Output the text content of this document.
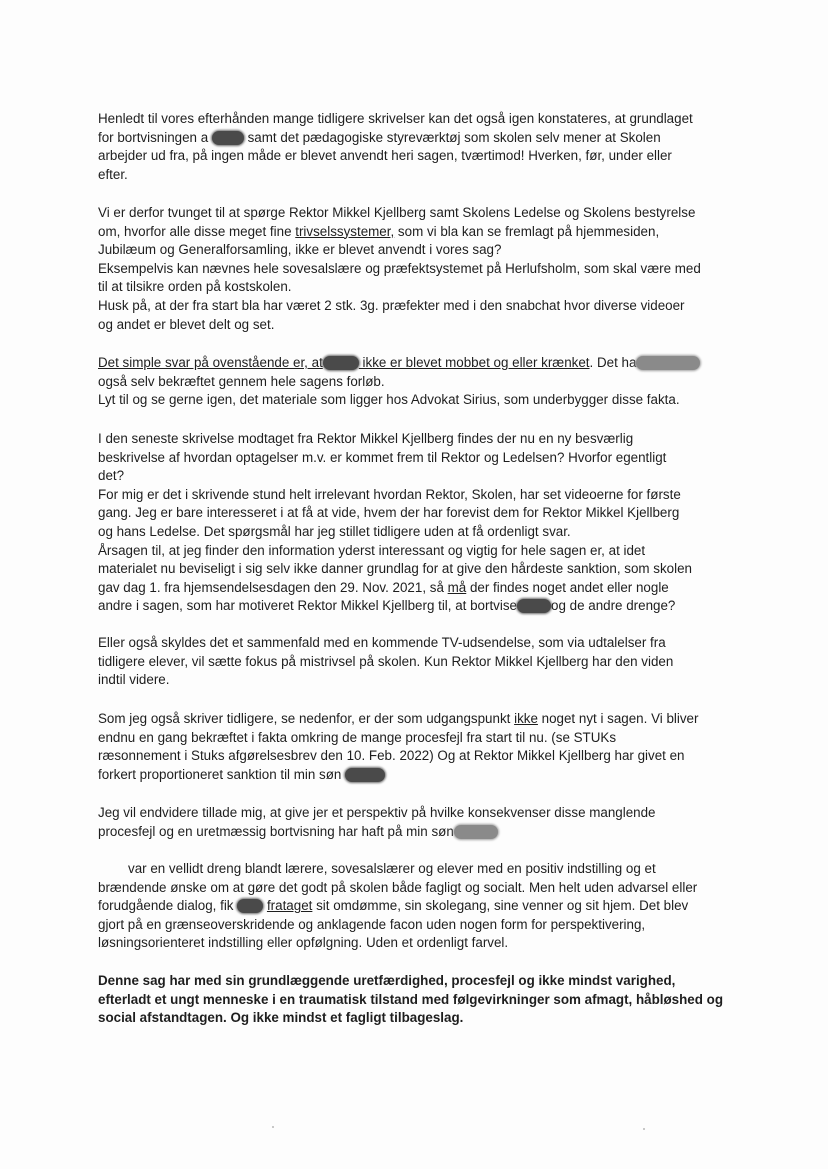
Henledt til vores efterhånden mange tidligere skrivelser kan det også igen konstateres, at grundlaget
for bortvisningen a  samt det pædagogiske styreværktøj som skolen selv mener at Skolen
arbejder ud fra, på ingen måde er blevet anvendt heri sagen, tværtimod! Hverken, før, under eller
efter.

Vi er derfor tvunget til at spørge Rektor Mikkel Kjellberg samt Skolens Ledelse og Skolens bestyrelse
om, hvorfor alle disse meget fine trivselssystemer, som vi bla kan se fremlagt på hjemmesiden,
Jubilæum og Generalforsamling, ikke er blevet anvendt i vores sag?
Eksempelvis kan nævnes hele sovesalslære og præfektsystemet på Herlufsholm, som skal være med
til at tilsikre orden på kostskolen.
Husk på, at der fra start bla har været 2 stk. 3g. præfekter med i den snabchat hvor diverse videoer
og andet er blevet delt og set.

Det simple svar på ovenstående er, at	ikke er blevet mobbet og eller krænket. Det ha
også selv bekræftet gennem hele sagens forløb.
Lyt til og se gerne igen, det materiale som ligger hos Advokat Sirius, som underbygger disse fakta.

I den seneste skrivelse modtaget fra Rektor Mikkel Kjellberg findes der nu en ny besværlig
beskrivelse af hvordan optagelser m.v. er kommet frem til Rektor og Ledelsen? Hvorfor egentligt
det?
For mig er det i skrivende stund helt irrelevant hvordan Rektor, Skolen, har set videoerne for første
gang. Jeg er bare interesseret i at få at vide, hvem der har forevist dem for Rektor Mikkel Kjellberg
og hans Ledelse. Det spørgsmål har jeg stillet tidligere uden at få ordenligt svar.
Årsagen til, at jeg finder den information yderst interessant og vigtig for hele sagen er, at idet
materialet nu beviseligt i sig selv ikke danner grundlag for at give den hårdeste sanktion, som skolen
gav dag 1. fra hjemsendelsesdagen den 29. Nov. 2021, så må der findes noget andet eller nogle
andre i sagen, som har motiveret Rektor Mikkel Kjellberg til, at bortvise	og de andre drenge?

Eller også skyldes det et sammenfald med en kommende TV-udsendelse, som via udtalelser fra
tidligere elever, vil sætte fokus på mistrivsel på skolen. Kun Rektor Mikkel Kjellberg har den viden
indtil videre.

Som jeg også skriver tidligere, se nedenfor, er der som udgangspunkt ikke noget nyt i sagen. Vi bliver
endnu en gang bekræftet i fakta omkring de mange procesfejl fra start til nu. (se STUKs
ræsonnement i Stuks afgørelsesbrev den 10. Feb. 2022) Og at Rektor Mikkel Kjellberg har givet en
forkert proportioneret sanktion til min søn

Jeg vil endvidere tillade mig, at give jer et perspektiv på hvilke konsekvenser disse manglende
procesfejl og en uretmæssig bortvisning har haft på min søn

var en vellidt dreng blandt lærere, sovesalslærer og elever med en positiv indstilling og et
brændende ønske om at gøre det godt på skolen både fagligt og socialt. Men helt uden advarsel eller
forudgående dialog, fik  frataget sit omdømme, sin skolegang, sine venner og sit hjem. Det blev
gjort på en grænseoverskridende og anklagende facon uden nogen form for perspektivering,
løsningsorienteret indstilling eller opfølgning. Uden et ordenligt farvel.

Denne sag har med sin grundlæggende uretfærdighed, procesfejl og ikke mindst varighed,
efterladt et ungt menneske i en traumatisk tilstand med følgevirkninger som afmagt, håbløshed og
social afstandtagen. Og ikke mindst et fagligt tilbageslag.
